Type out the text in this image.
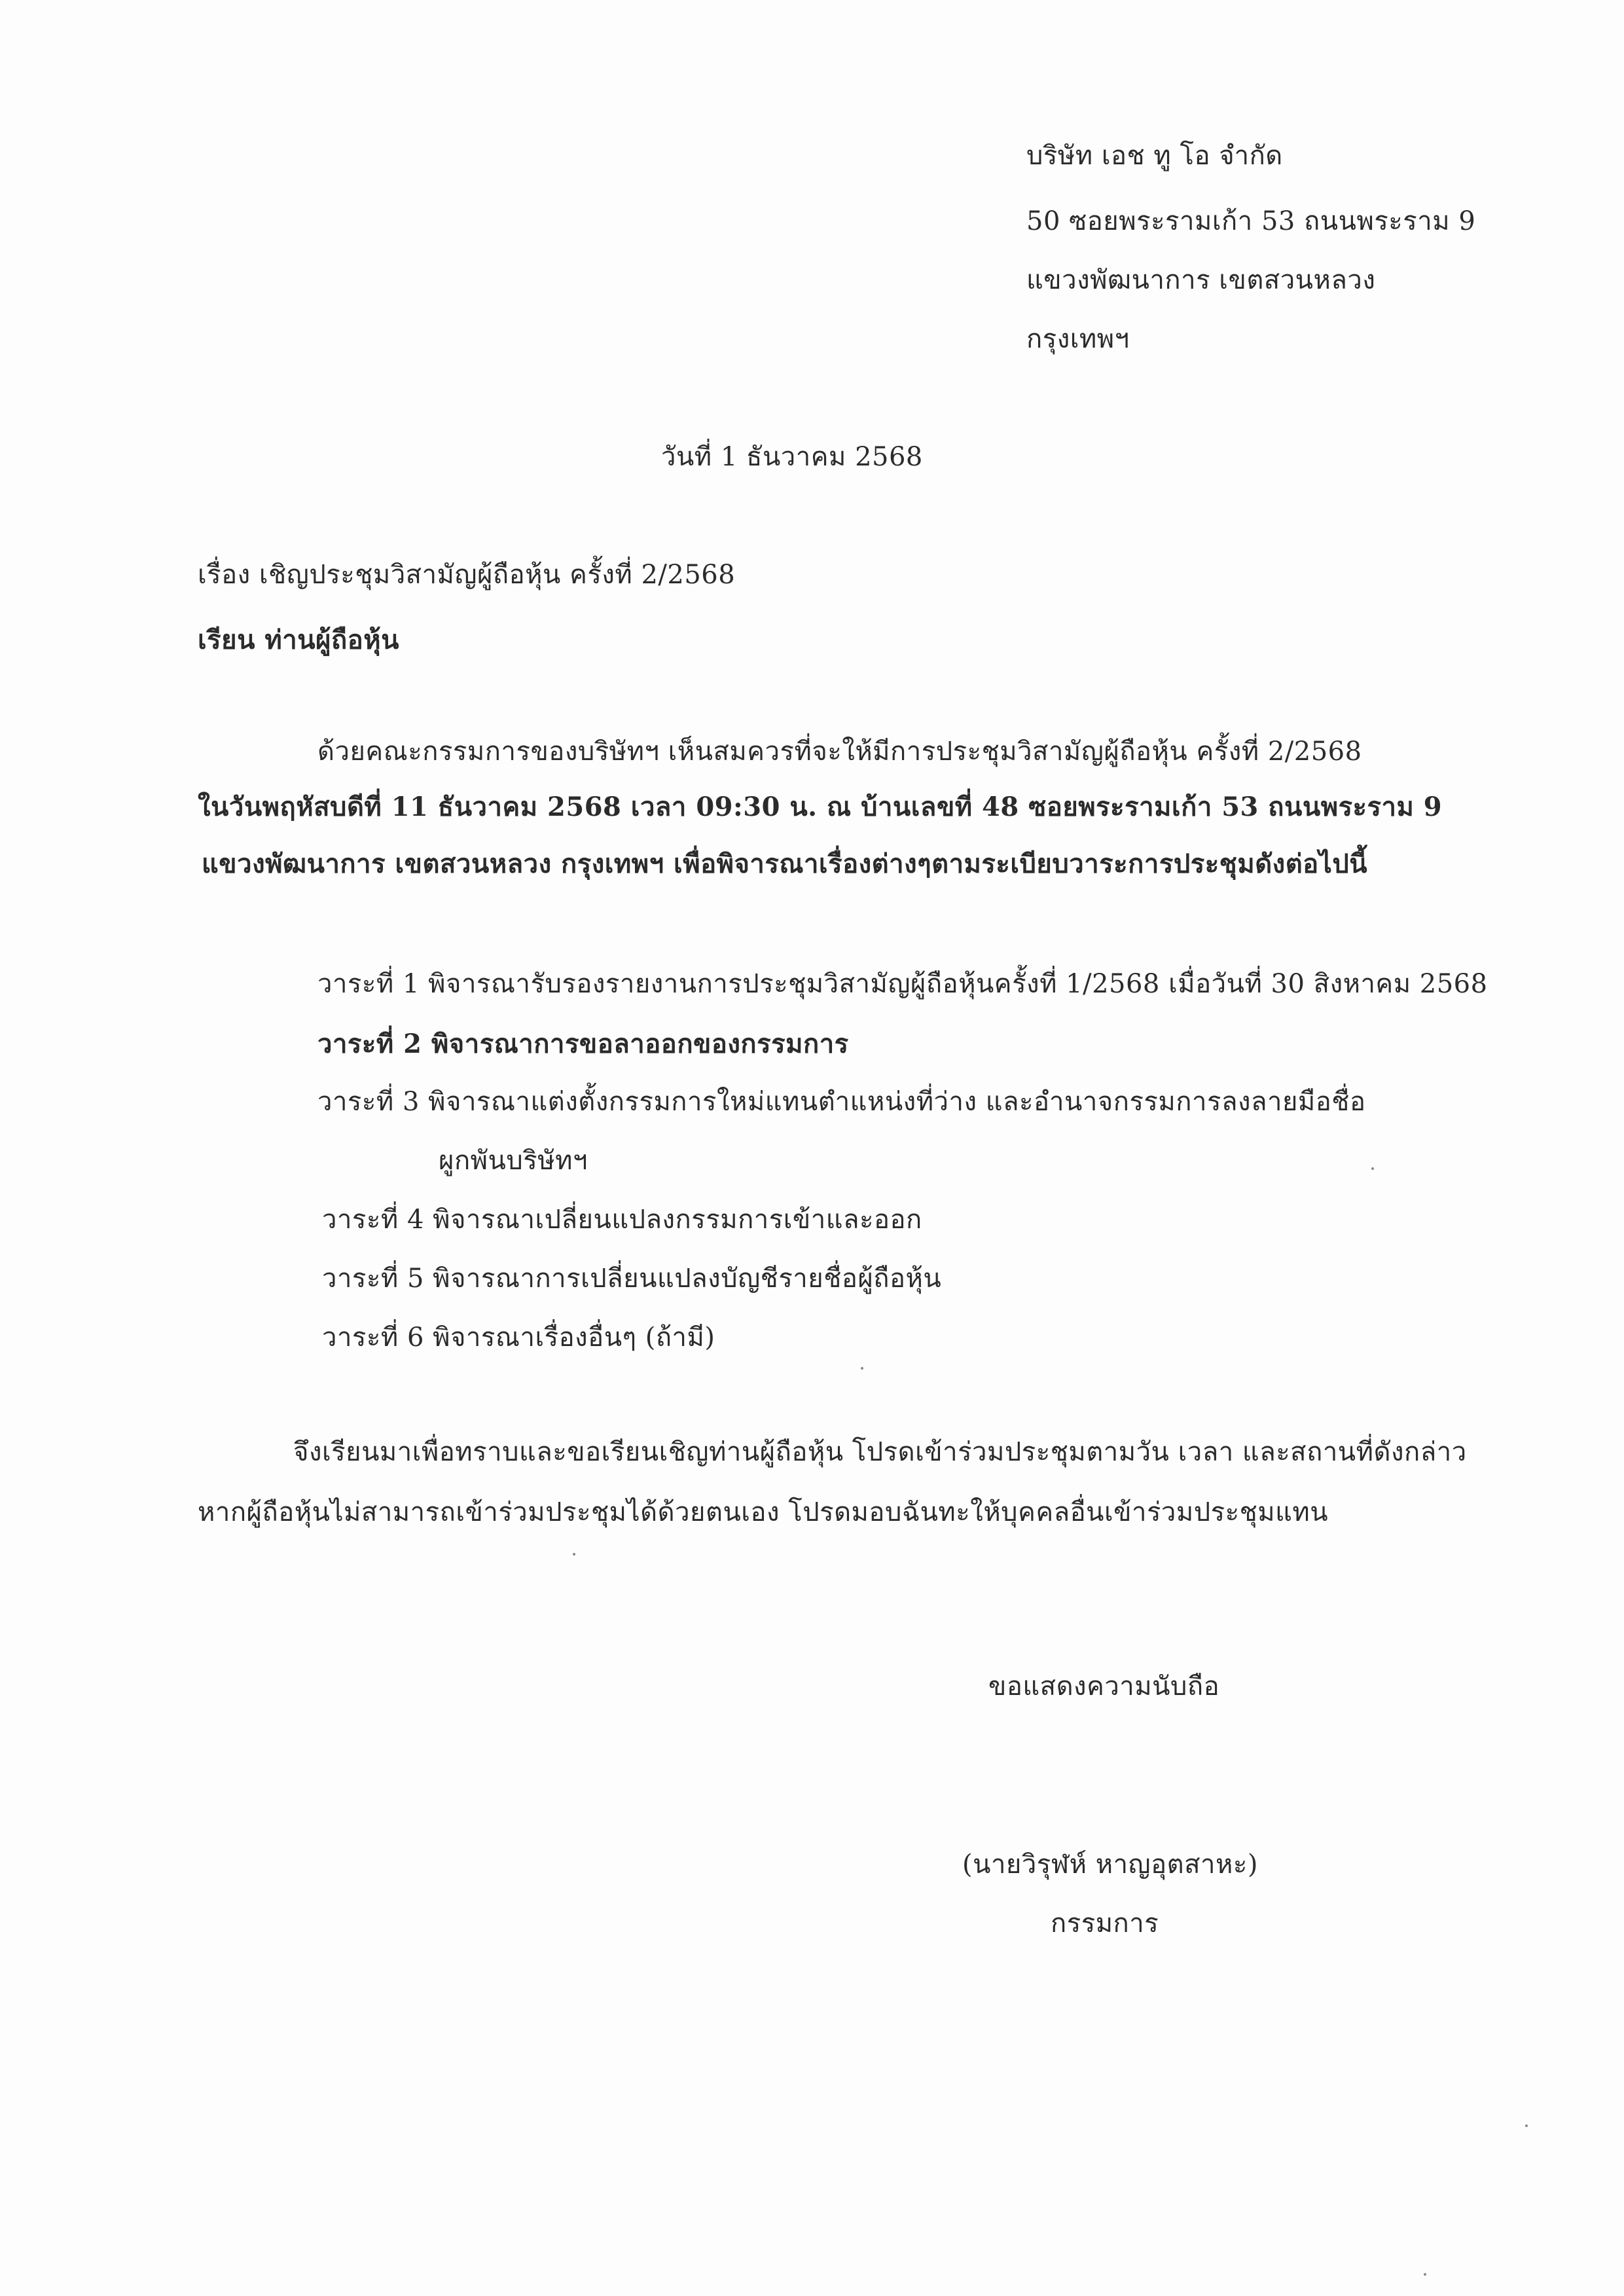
บริษัท เอช ทู โอ จำกัด
50 ซอยพระรามเก้า 53 ถนนพระราม 9
แขวงพัฒนาการ เขตสวนหลวง
กรุงเทพฯ
วันที่ 1 ธันวาคม 2568
เรื่อง เชิญประชุมวิสามัญผู้ถือหุ้น ครั้งที่ 2/2568
เรียน ท่านผู้ถือหุ้น
ด้วยคณะกรรมการของบริษัทฯ เห็นสมควรที่จะให้มีการประชุมวิสามัญผู้ถือหุ้น ครั้งที่ 2/2568
ในวันพฤหัสบดีที่ 11 ธันวาคม 2568 เวลา 09:30 น. ณ บ้านเลขที่ 48 ซอยพระรามเก้า 53 ถนนพระราม 9
แขวงพัฒนาการ เขตสวนหลวง กรุงเทพฯ เพื่อพิจารณาเรื่องต่างๆตามระเบียบวาระการประชุมดังต่อไปนี้
วาระที่ 1 พิจารณารับรองรายงานการประชุมวิสามัญผู้ถือหุ้นครั้งที่ 1/2568 เมื่อวันที่ 30 สิงหาคม 2568
วาระที่ 2 พิจารณาการขอลาออกของกรรมการ
วาระที่ 3 พิจารณาแต่งตั้งกรรมการใหม่แทนตำแหน่งที่ว่าง และอำนาจกรรมการลงลายมือชื่อ
ผูกพันบริษัทฯ
วาระที่ 4 พิจารณาเปลี่ยนแปลงกรรมการเข้าและออก
วาระที่ 5 พิจารณาการเปลี่ยนแปลงบัญชีรายชื่อผู้ถือหุ้น
วาระที่ 6 พิจารณาเรื่องอื่นๆ (ถ้ามี)
จึงเรียนมาเพื่อทราบและขอเรียนเชิญท่านผู้ถือหุ้น โปรดเข้าร่วมประชุมตามวัน เวลา และสถานที่ดังกล่าว
หากผู้ถือหุ้นไม่สามารถเข้าร่วมประชุมได้ด้วยตนเอง โปรดมอบฉันทะให้บุคคลอื่นเข้าร่วมประชุมแทน
ขอแสดงความนับถือ
(นายวิรุฬห์ หาญอุตสาหะ)
กรรมการ
